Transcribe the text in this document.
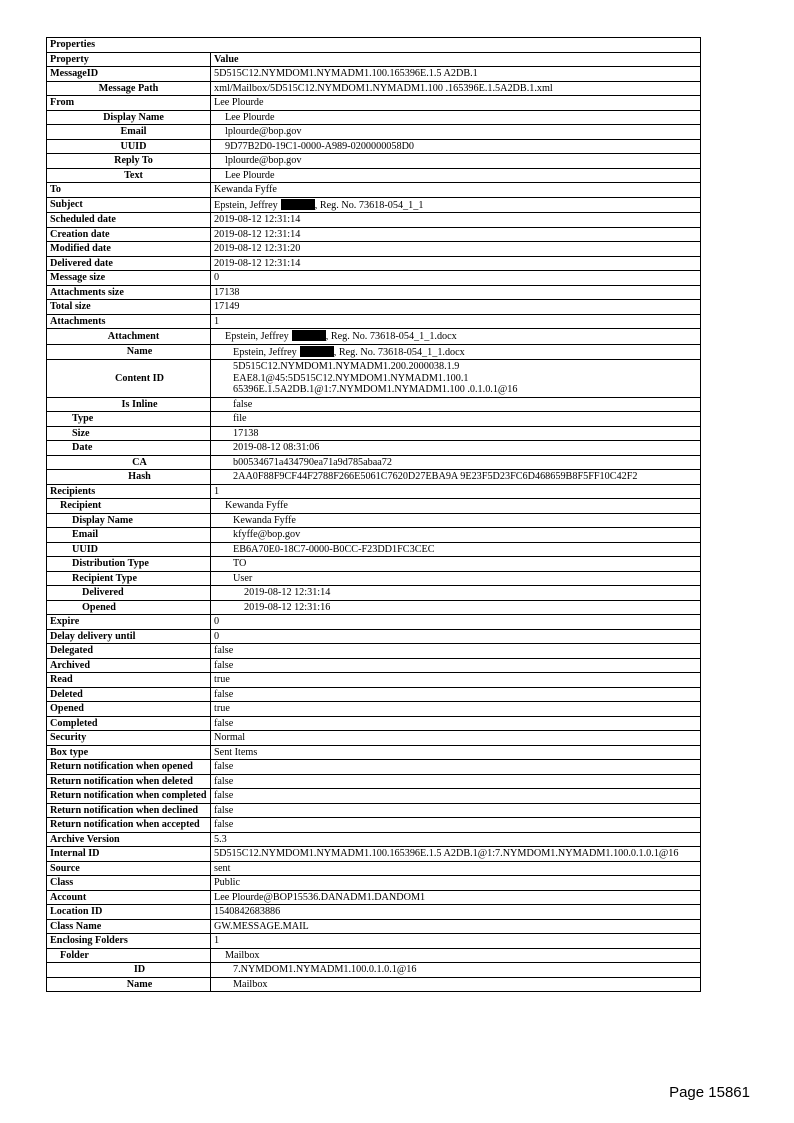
Properties	
Property	Value
MessageID	5D515C12.NYMDOM1.NYMADM1.100.165396E.1.5 A2DB.1
Message Path	xml/Mailbox/5D515C12.NYMDOM1.NYMADM1.100 .165396E.1.5A2DB.1.xml
From	Lee Plourde
Display Name	Lee Plourde
Email	lplourde@bop.gov
UUID	9D77B2D0-19C1-0000-A989-0200000058D0
Reply To	lplourde@bop.gov
Text	Lee Plourde
To	Kewanda Fyffe
Subject	Epstein, Jeffrey , Reg. No. 73618-054_1_1
Scheduled date	2019-08-12 12:31:14
Creation date	2019-08-12 12:31:14
Modified date	2019-08-12 12:31:20
Delivered date	2019-08-12 12:31:14
Message size	0
Attachments size	17138
Total size	17149
Attachments	1
Attachment	Epstein, Jeffrey , Reg. No. 73618-054_1_1.docx
Name	Epstein, Jeffrey , Reg. No. 73618-054_1_1.docx
Content ID	5D515C12.NYMDOM1.NYMADM1.200.2000038.1.9
EAE8.1@45:5D515C12.NYMDOM1.NYMADM1.100.1
65396E.1.5A2DB.1@1:7.NYMDOM1.NYMADM1.100 .0.1.0.1@16

Is Inline	false
Type	file
Size	17138
Date	2019-08-12 08:31:06
CA	b00534671a434790ea71a9d785abaa72
Hash	2AA0F88F9CF44F2788F266E5061C7620D27EBA9A 9E23F5D23FC6D468659B8F5FF10C42F2
Recipients	1
Recipient	Kewanda Fyffe
Display Name	Kewanda Fyffe
Email	kfyffe@bop.gov
UUID	EB6A70E0-18C7-0000-B0CC-F23DD1FC3CEC
Distribution Type	TO
Recipient Type	User
Delivered	2019-08-12 12:31:14
Opened	2019-08-12 12:31:16
Expire	0
Delay delivery until	0
Delegated	false
Archived	false
Read	true
Deleted	false
Opened	true
Completed	false
Security	Normal
Box type	Sent Items
Return notification when opened	false
Return notification when deleted	false
Return notification when completed	false
Return notification when declined	false
Return notification when accepted	false
Archive Version	5.3
Internal ID	5D515C12.NYMDOM1.NYMADM1.100.165396E.1.5 A2DB.1@1:7.NYMDOM1.NYMADM1.100.0.1.0.1@16
Source	sent
Class	Public
Account	Lee Plourde@BOP15536.DANADM1.DANDOM1
Location ID	1540842683886
Class Name	GW.MESSAGE.MAIL
Enclosing Folders	1
Folder	Mailbox
ID	7.NYMDOM1.NYMADM1.100.0.1.0.1@16
Name	Mailbox
Page 15861
